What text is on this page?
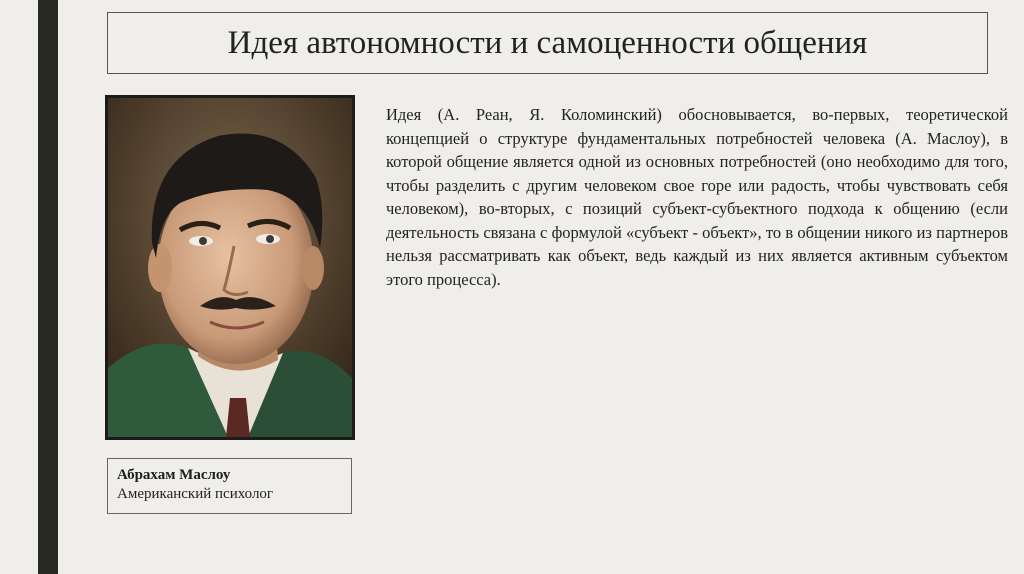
Идея автономности и самоценности общения
Абрахам Маслоу
Американский психолог

Идея (А. Реан, Я. Коломинский) обосновывается, во-первых, теоретической концепцией о структуре фундаментальных потребностей человека (А. Маслоу), в которой общение является одной из основных потребностей (оно необходимо для того, чтобы разделить с другим человеком свое горе или радость, чтобы чувствовать себя человеком), во-вторых, с позиций субъект-субъектного подхода к общению (если деятельность связана с формулой «субъект - объект», то в общении никого из партнеров нельзя рассматривать как объект, ведь каждый из них является активным субъектом этого процесса).
